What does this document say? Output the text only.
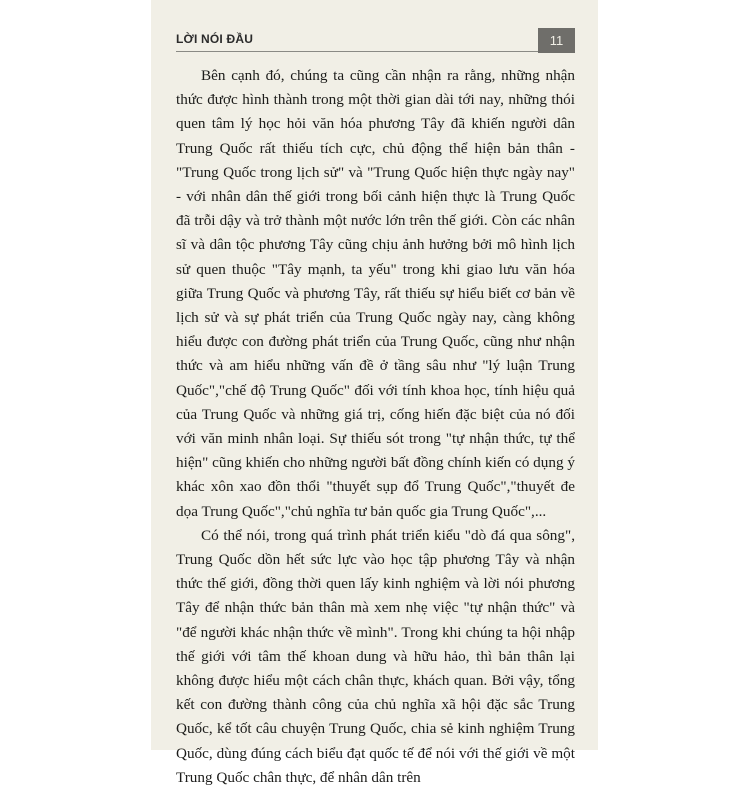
LỜI NÓI ĐẦU	11

Bên cạnh đó, chúng ta cũng cần nhận ra rằng, những nhận thức được hình thành trong một thời gian dài tới nay, những thói quen tâm lý học hỏi văn hóa phương Tây đã khiến người dân Trung Quốc rất thiếu tích cực, chủ động thể hiện bản thân - "Trung Quốc trong lịch sử" và "Trung Quốc hiện thực ngày nay" - với nhân dân thế giới trong bối cảnh hiện thực là Trung Quốc đã trỗi dậy và trở thành một nước lớn trên thế giới. Còn các nhân sĩ và dân tộc phương Tây cũng chịu ảnh hưởng bởi mô hình lịch sử quen thuộc "Tây mạnh, ta yếu" trong khi giao lưu văn hóa giữa Trung Quốc và phương Tây, rất thiếu sự hiểu biết cơ bản về lịch sử và sự phát triển của Trung Quốc ngày nay, càng không hiểu được con đường phát triển của Trung Quốc, cũng như nhận thức và am hiểu những vấn đề ở tầng sâu như "lý luận Trung Quốc","chế độ Trung Quốc" đối với tính khoa học, tính hiệu quả của Trung Quốc và những giá trị, cống hiến đặc biệt của nó đối với văn minh nhân loại. Sự thiếu sót trong "tự nhận thức, tự thể hiện" cũng khiến cho những người bất đồng chính kiến có dụng ý khác xôn xao đồn thổi "thuyết sụp đổ Trung Quốc","thuyết đe dọa Trung Quốc","chủ nghĩa tư bản quốc gia Trung Quốc",...

Có thể nói, trong quá trình phát triển kiểu "dò đá qua sông", Trung Quốc dồn hết sức lực vào học tập phương Tây và nhận thức thế giới, đồng thời quen lấy kinh nghiệm và lời nói phương Tây để nhận thức bản thân mà xem nhẹ việc "tự nhận thức" và "để người khác nhận thức về mình". Trong khi chúng ta hội nhập thế giới với tâm thế khoan dung và hữu hảo, thì bản thân lại không được hiểu một cách chân thực, khách quan. Bởi vậy, tổng kết con đường thành công của chủ nghĩa xã hội đặc sắc Trung Quốc, kể tốt câu chuyện Trung Quốc, chia sẻ kinh nghiệm Trung Quốc, dùng đúng cách biểu đạt quốc tế để nói với thế giới về một Trung Quốc chân thực, để nhân dân trên
